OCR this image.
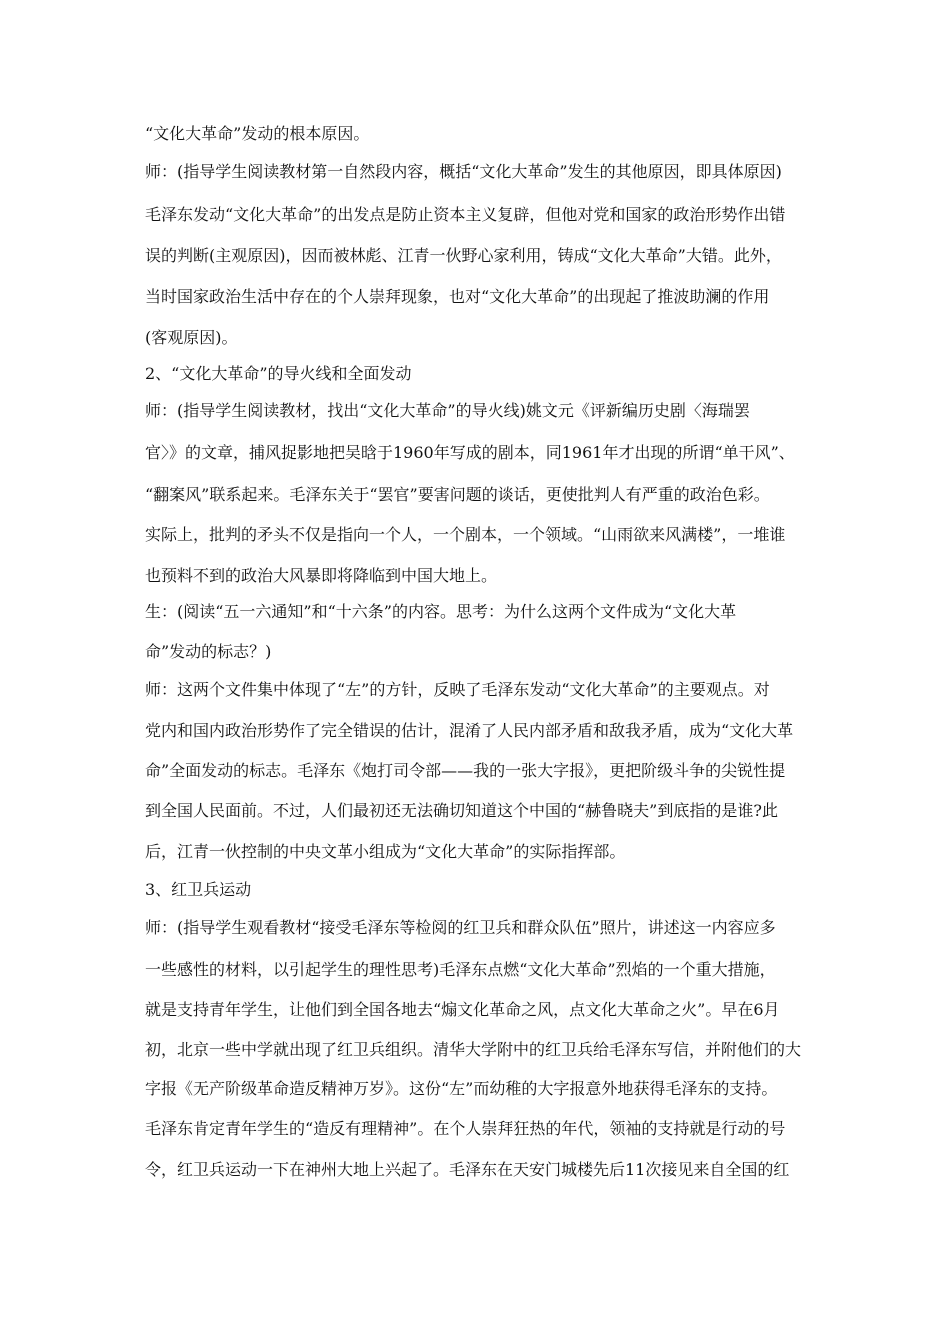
“文化大革命”发动的根本原因。
师：(指导学生阅读教材第一自然段内容，概括“文化大革命”发生的其他原因，即具体原因)
毛泽东发动“文化大革命”的出发点是防止资本主义复辟，但他对党和国家的政治形势作出错
误的判断(主观原因)，因而被林彪、江青一伙野心家利用，铸成“文化大革命”大错。此外，
当时国家政治生活中存在的个人崇拜现象，也对“文化大革命”的出现起了推波助澜的作用
(客观原因)。
2、“文化大革命”的导火线和全面发动
师：(指导学生阅读教材，找出“文化大革命”的导火线)姚文元《评新编历史剧〈海瑞罢
官〉》的文章，捕风捉影地把吴晗于1960年写成的剧本，同1961年才出现的所谓“单干风”、
“翻案风”联系起来。毛泽东关于“罢官”要害问题的谈话，更使批判人有严重的政治色彩。
实际上，批判的矛头不仅是指向一个人，一个剧本，一个领域。“山雨欲来风满楼”，一堆谁
也预料不到的政治大风暴即将降临到中国大地上。
生：(阅读“五一六通知”和“十六条”的内容。思考：为什么这两个文件成为“文化大革
命”发动的标志？)
师：这两个文件集中体现了“左”的方针，反映了毛泽东发动“文化大革命”的主要观点。对
党内和国内政治形势作了完全错误的估计，混淆了人民内部矛盾和敌我矛盾，成为“文化大革
命”全面发动的标志。毛泽东《炮打司令部——我的一张大字报》，更把阶级斗争的尖锐性提
到全国人民面前。不过，人们最初还无法确切知道这个中国的“赫鲁晓夫”到底指的是谁?此
后，江青一伙控制的中央文革小组成为“文化大革命”的实际指挥部。
3、红卫兵运动
师：(指导学生观看教材“接受毛泽东等检阅的红卫兵和群众队伍”照片，讲述这一内容应多
一些感性的材料，以引起学生的理性思考)毛泽东点燃“文化大革命”烈焰的一个重大措施，
就是支持青年学生，让他们到全国各地去“煽文化革命之风，点文化大革命之火”。早在6月
初，北京一些中学就出现了红卫兵组织。清华大学附中的红卫兵给毛泽东写信，并附他们的大
字报《无产阶级革命造反精神万岁》。这份“左”而幼稚的大字报意外地获得毛泽东的支持。
毛泽东肯定青年学生的“造反有理精神”。在个人崇拜狂热的年代，领袖的支持就是行动的号
令，红卫兵运动一下在神州大地上兴起了。毛泽东在天安门城楼先后11次接见来自全国的红
